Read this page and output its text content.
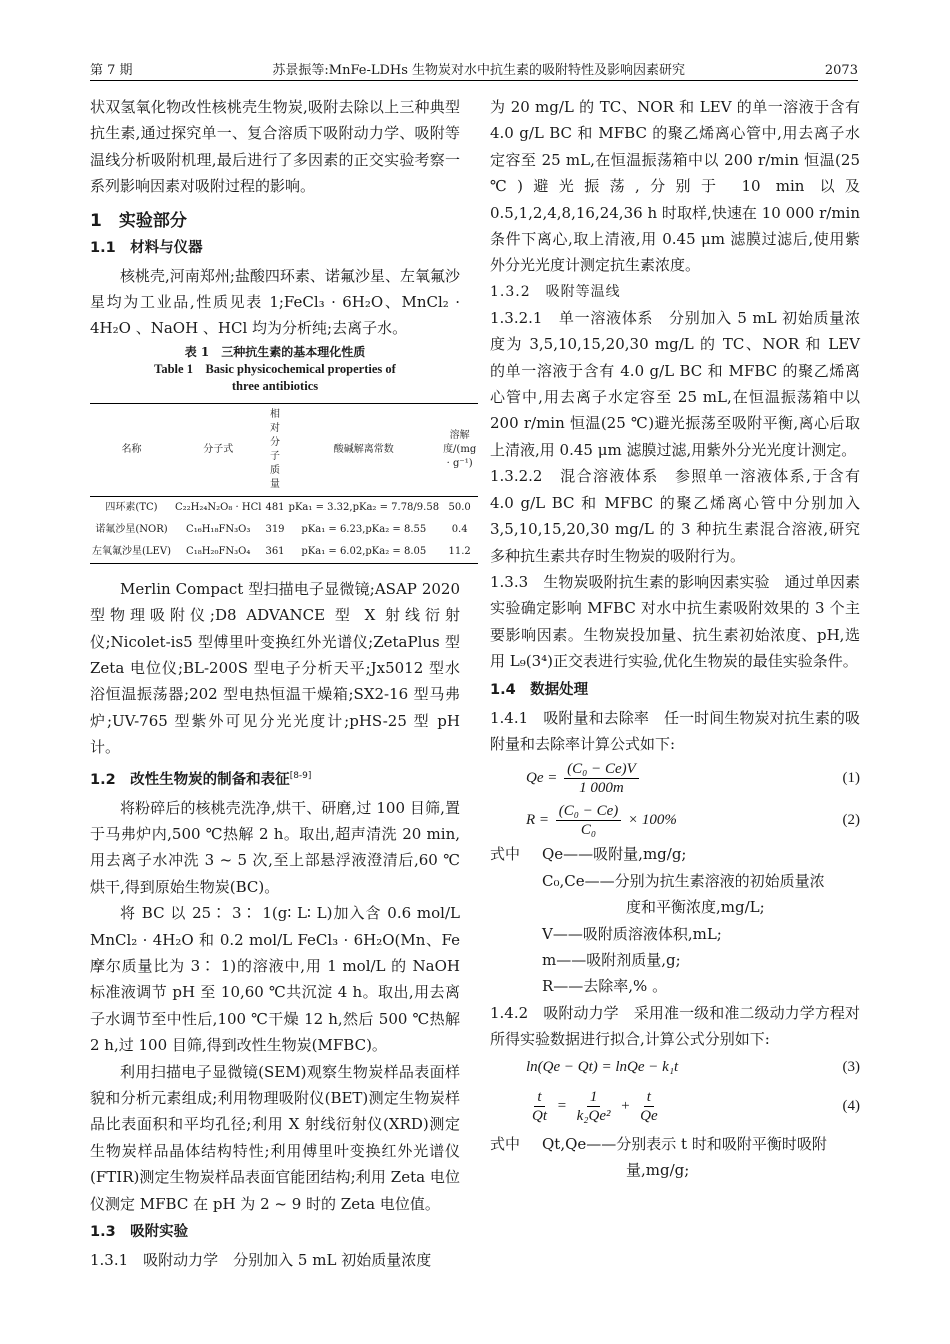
第 7 期	苏景振等:MnFe-LDHs 生物炭对水中抗生素的吸附特性及影响因素研究	2073

状双氢氧化物改性核桃壳生物炭,吸附去除以上三种典型抗生素,通过探究单一、复合溶质下吸附动力学、吸附等温线分析吸附机理,最后进行了多因素的正交实验考察一系列影响因素对吸附过程的影响。

1　实验部分
1.1　材料与仪器

核桃壳,河南郑州;盐酸四环素、诺氟沙星、左氧氟沙星均为工业品,性质见表 1;FeCl₃ · 6H₂O、MnCl₂ · 4H₂O 、NaOH 、HCl 均为分析纯;去离子水。

表 1　三种抗生素的基本理化性质
Table 1　Basic physicochemical properties of
three antibiotics
名称	分子式	相对分子质量	酸碱解离常数	溶解度/(mg · g⁻¹)
四环素(TC)	C₂₂H₂₄N₂O₈ · HCl	481	pKa₁ = 3.32,pKa₂ = 7.78/9.58	50.0
诺氟沙星(NOR)	C₁₆H₁₈FN₃O₃	319	pKa₁ = 6.23,pKa₂ = 8.55	0.4
左氧氟沙星(LEV)	C₁₈H₂₀FN₃O₄	361	pKa₁ = 6.02,pKa₂ = 8.05	11.2

Merlin Compact 型扫描电子显微镜;ASAP 2020 型物理吸附仪;D8 ADVANCE 型 X 射线衍射仪;Nicolet-is5 型傅里叶变换红外光谱仪;ZetaPlus 型 Zeta 电位仪;BL-200S 型电子分析天平;Jx5012 型水浴恒温振荡器;202 型电热恒温干燥箱;SX2-16 型马弗炉;UV-765 型紫外可见分光光度计;pHS-25 型 pH 计。

1.2　改性生物炭的制备和表征[8-9]

将粉碎后的核桃壳洗净,烘干、研磨,过 100 目筛,置于马弗炉内,500 ℃热解 2 h。取出,超声清洗 20 min,用去离子水冲洗 3 ~ 5 次,至上部悬浮液澄清后,60 ℃烘干,得到原始生物炭(BC)。

将 BC 以 25∶ 3∶ 1(g∶ L∶ L)加入含 0.6 mol/L MnCl₂ · 4H₂O 和 0.2 mol/L FeCl₃ · 6H₂O(Mn、Fe 摩尔质量比为 3∶ 1)的溶液中,用 1 mol/L 的 NaOH 标准液调节 pH 至 10,60 ℃共沉淀 4 h。取出,用去离子水调节至中性后,100 ℃干燥 12 h,然后 500 ℃热解 2 h,过 100 目筛,得到改性生物炭(MFBC)。

利用扫描电子显微镜(SEM)观察生物炭样品表面样貌和分析元素组成;利用物理吸附仪(BET)测定生物炭样品比表面积和平均孔径;利用 X 射线衍射仪(XRD)测定生物炭样品晶体结构特性;利用傅里叶变换红外光谱仪(FTIR)测定生物炭样品表面官能团结构;利用 Zeta 电位仪测定 MFBC 在 pH 为 2 ~ 9 时的 Zeta 电位值。

1.3　吸附实验

1.3.1　吸附动力学　分别加入 5 mL 初始质量浓度

为 20 mg/L 的 TC、NOR 和 LEV 的单一溶液于含有 4.0 g/L BC 和 MFBC 的聚乙烯离心管中,用去离子水定容至 25 mL,在恒温振荡箱中以 200 r/min 恒温(25 ℃)避光振荡,分别于 10 min 以及 0.5,1,2,4,8,16,24,36 h 时取样,快速在 10 000 r/min 条件下离心,取上清液,用 0.45 μm 滤膜过滤后,使用紫外分光光度计测定抗生素浓度。

1.3.2　吸附等温线

1.3.2.1　单一溶液体系　分别加入 5 mL 初始质量浓度为 3,5,10,15,20,30 mg/L 的 TC、NOR 和 LEV 的单一溶液于含有 4.0 g/L BC 和 MFBC 的聚乙烯离心管中,用去离子水定容至 25 mL,在恒温振荡箱中以 200 r/min 恒温(25 ℃)避光振荡至吸附平衡,离心后取上清液,用 0.45 μm 滤膜过滤,用紫外分光光度计测定。

1.3.2.2　混合溶液体系　参照单一溶液体系,于含有 4.0 g/L BC 和 MFBC 的聚乙烯离心管中分别加入 3,5,10,15,20,30 mg/L 的 3 种抗生素混合溶液,研究多种抗生素共存时生物炭的吸附行为。

1.3.3　生物炭吸附抗生素的影响因素实验　通过单因素实验确定影响 MFBC 对水中抗生素吸附效果的 3 个主要影响因素。生物炭投加量、抗生素初始浓度、pH,选用 L₉(3⁴)正交表进行实验,优化生物炭的最佳实验条件。

1.4　数据处理

1.4.1　吸附量和去除率　任一时间生物炭对抗生素的吸附量和去除率计算公式如下:

$Qe = \frac{\text{(C₀ − Ce)V}}{1 000m}$	(1)
$R = \frac{\text{(C₀ − Ce)}}{\text{C₀}} \times 100\%$	(2)
式中	Qe——吸附量,mg/g;
C₀,Ce——分别为抗生素溶液的初始质量浓
度和平衡浓度,mg/L;
V——吸附质溶液体积,mL;
m——吸附剂质量,g;
R——去除率,% 。

1.4.2　吸附动力学　采用准一级和准二级动力学方程对所得实验数据进行拟合,计算公式分别如下:

ln(Qe − Qt) = lnQe − k₁t	(3)
$\frac{t}{Qt} = \frac{1}{\text{k₂Qe²}} + \frac{t}{Qe}$	(4)
式中	Qt,Qe——分别表示 t 时和吸附平衡时吸附
量,mg/g;
